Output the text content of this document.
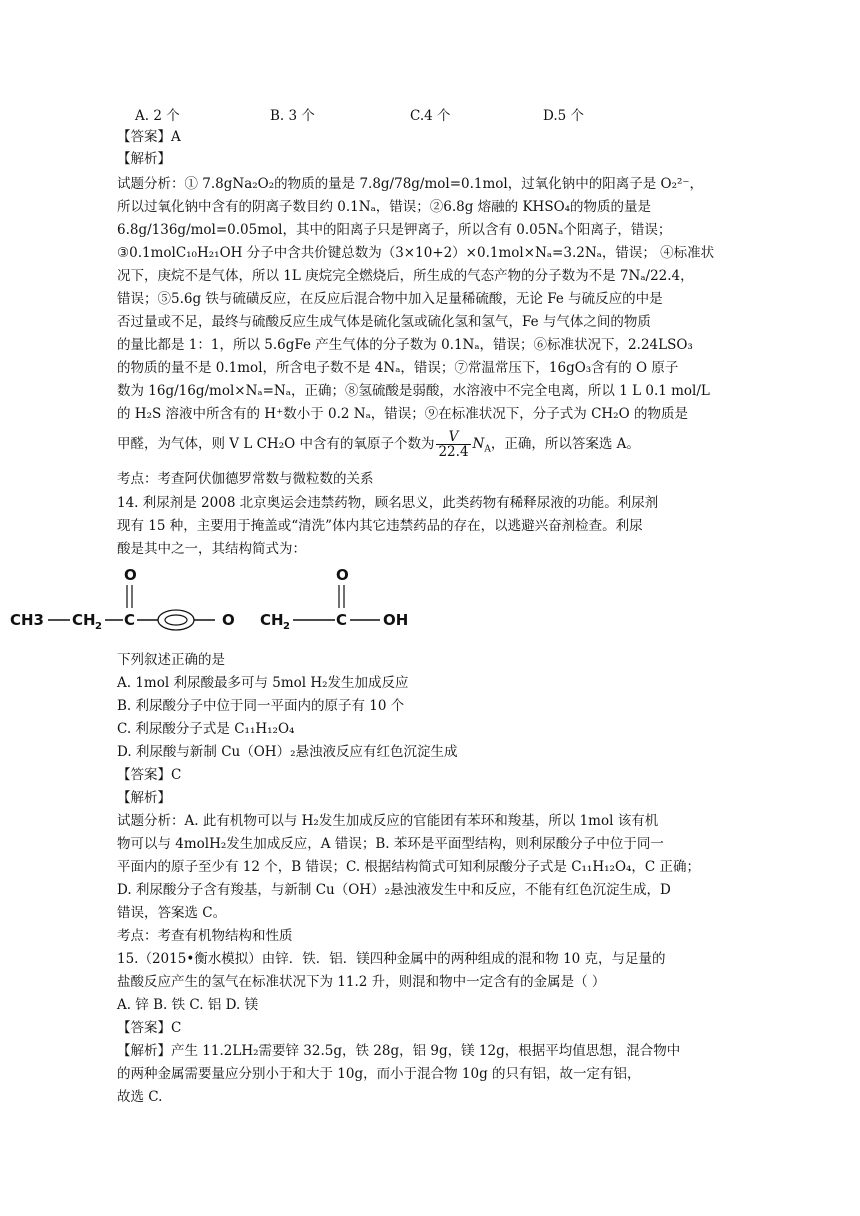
A. 2 个	B. 3 个	C.4 个	D.5 个
【答案】A
【解析】
试题分析：① 7.8gNa₂O₂的物质的量是 7.8g/78g/mol=0.1mol，过氧化钠中的阳离子是 O₂²⁻，
所以过氧化钠中含有的阴离子数目约 0.1Nₐ，错误；②6.8g 熔融的 KHSO₄的物质的量是
6.8g/136g/mol=0.05mol，其中的阳离子只是钾离子，所以含有 0.05Nₐ个阳离子，错误；
③0.1molC₁₀H₂₁OH 分子中含共价键总数为（3×10+2）×0.1mol×Nₐ=3.2Nₐ，错误； ④标准状
况下，庚烷不是气体，所以 1L 庚烷完全燃烧后，所生成的气态产物的分子数为不是 7Nₐ/22.4，
错误；⑤5.6g 铁与硫磺反应，在反应后混合物中加入足量稀硫酸，无论 Fe 与硫反应的中是
否过量或不足，最终与硫酸反应生成气体是硫化氢或硫化氢和氢气，Fe 与气体之间的物质
的量比都是 1：1，所以 5.6gFe 产生气体的分子数为 0.1Nₐ，错误；⑥标准状况下，2.24LSO₃
的物质的量不是 0.1mol，所含电子数不是 4Nₐ，错误；⑦常温常压下，16gO₃含有的 O 原子
数为 16g/16g/mol×Nₐ=Nₐ，正确；⑧氢硫酸是弱酸，水溶液中不完全电离，所以 1 L 0.1 mol/L
的 H₂S 溶液中所含有的 H⁺数小于 0.2 Nₐ，错误；⑨在标准状况下，分子式为 CH₂O 的物质是
甲醛，为气体，则 V L CH₂O 中含有的氧原子个数为 $\frac{V}{22.4} N_A$，正确，所以答案选 A。
考点：考查阿伏伽德罗常数与微粒数的关系
14. 利尿剂是 2008 北京奥运会违禁药物，顾名思义，此类药物有稀释尿液的功能。利尿剂
现有 15 种，主要用于掩盖或“清洗”体内其它违禁药品的存在，以逃避兴奋剂检查。利尿
酸是其中之一，其结构简式为：
CH3 CH 2 C
O
O CH 2	C
O
OH
下列叙述正确的是
A. 1mol 利尿酸最多可与 5mol H₂发生加成反应
B. 利尿酸分子中位于同一平面内的原子有 10 个
C. 利尿酸分子式是 C₁₁H₁₂O₄
D. 利尿酸与新制 Cu（OH）₂悬浊液反应有红色沉淀生成
【答案】C
【解析】
试题分析：A. 此有机物可以与 H₂发生加成反应的官能团有苯环和羧基，所以 1mol 该有机
物可以与 4molH₂发生加成反应，A 错误；B. 苯环是平面型结构，则利尿酸分子中位于同一
平面内的原子至少有 12 个，B 错误；C. 根据结构简式可知利尿酸分子式是 C₁₁H₁₂O₄，C 正确；
D. 利尿酸分子含有羧基，与新制 Cu（OH）₂悬浊液发生中和反应，不能有红色沉淀生成，D
错误，答案选 C。
考点：考查有机物结构和性质
15.（2015•衡水模拟）由锌．铁．铝．镁四种金属中的两种组成的混和物 10 克，与足量的
盐酸反应产生的氢气在标准状况下为 11.2 升，则混和物中一定含有的金属是（ ）
A. 锌 B. 铁 C. 铝 D. 镁
【答案】C
【解析】产生 11.2LH₂需要锌 32.5g，铁 28g，铝 9g，镁 12g，根据平均值思想，混合物中
的两种金属需要量应分别小于和大于 10g，而小于混合物 10g 的只有铝，故一定有铝，
故选 C.
